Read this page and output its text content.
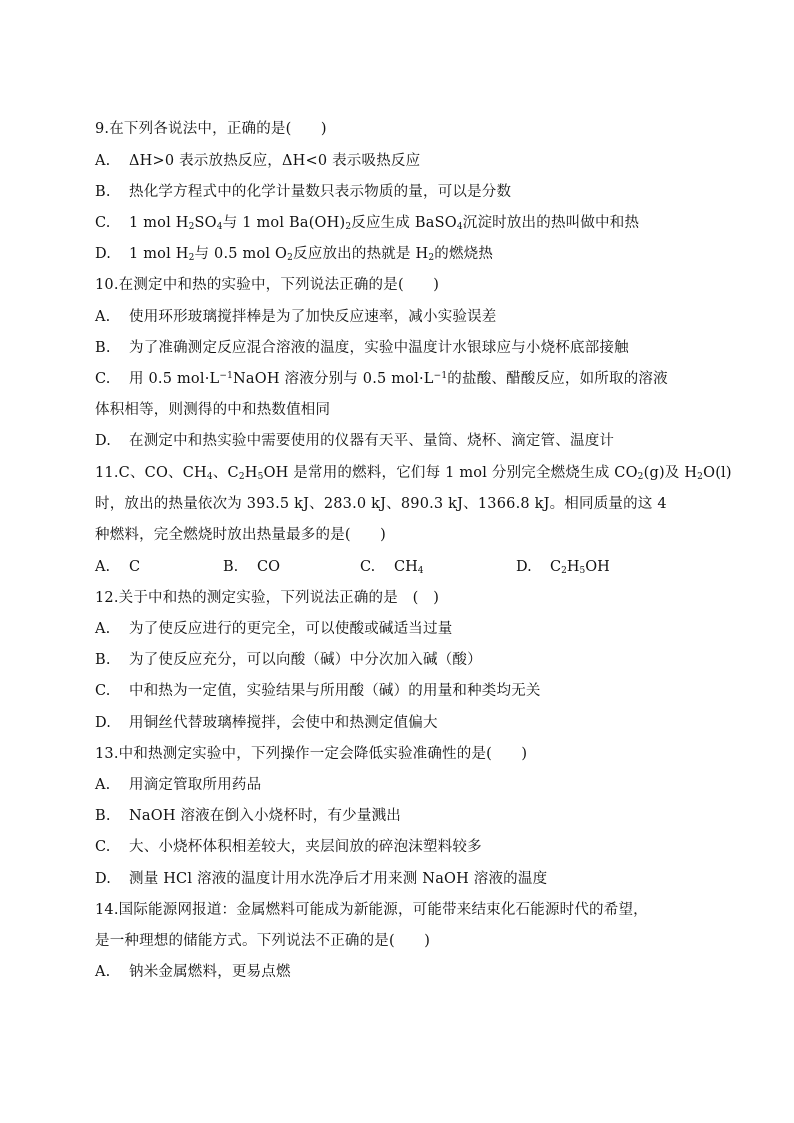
9.在下列各说法中，正确的是(　　)
A. ΔH>0 表示放热反应，ΔH<0 表示吸热反应
B. 热化学方程式中的化学计量数只表示物质的量，可以是分数
C. 1 mol $H_2SO_4$与 1 mol $Ba(OH)_2$反应生成 BaSO$_4$沉淀时放出的热叫做中和热
D. 1 mol $H_2$与 0.5 mol $O_2$反应放出的热就是 $H_2$的燃烧热
10.在测定中和热的实验中，下列说法正确的是(　　)
A. 使用环形玻璃搅拌棒是为了加快反应速率，减小实验误差
B. 为了准确测定反应混合溶液的温度，实验中温度计水银球应与小烧杯底部接触
C. 用 0.5 $mol\cdot L^{-1}NaOH$ 溶液分别与 0.5 $mol\cdot L^{-1}$的盐酸、醋酸反应，如所取的溶液
体积相等，则测得的中和热数值相同
D. 在测定中和热实验中需要使用的仪器有天平、量筒、烧杯、滴定管、温度计
11.C、CO、$CH_4$、$C_2H_5OH$ 是常用的燃料，它们每 1 mol 分别完全燃烧生成 $CO_2(g)$及 $H_2O(l)$
时，放出的热量依次为 393.5 kJ、283.0 kJ、890.3 kJ、1366.8 kJ。相同质量的这 4
种燃料，完全燃烧时放出热量最多的是(　　)
A. C	B. CO	C. $CH_4$	D. $C_2H_5OH$
12.关于中和热的测定实验，下列说法正确的是　(　)
A. 为了使反应进行的更完全，可以使酸或碱适当过量
B. 为了使反应充分，可以向酸（碱）中分次加入碱（酸）
C. 中和热为一定值，实验结果与所用酸（碱）的用量和种类均无关
D. 用铜丝代替玻璃棒搅拌，会使中和热测定值偏大
13.中和热测定实验中，下列操作一定会降低实验准确性的是(　　)
A. 用滴定管取所用药品
B. NaOH 溶液在倒入小烧杯时，有少量溅出
C. 大、小烧杯体积相差较大，夹层间放的碎泡沫塑料较多
D. 测量 HCl 溶液的温度计用水洗净后才用来测 NaOH 溶液的温度
14.国际能源网报道：金属燃料可能成为新能源，可能带来结束化石能源时代的希望，
是一种理想的储能方式。下列说法不正确的是(　　)
A. 钠米金属燃料，更易点燃
